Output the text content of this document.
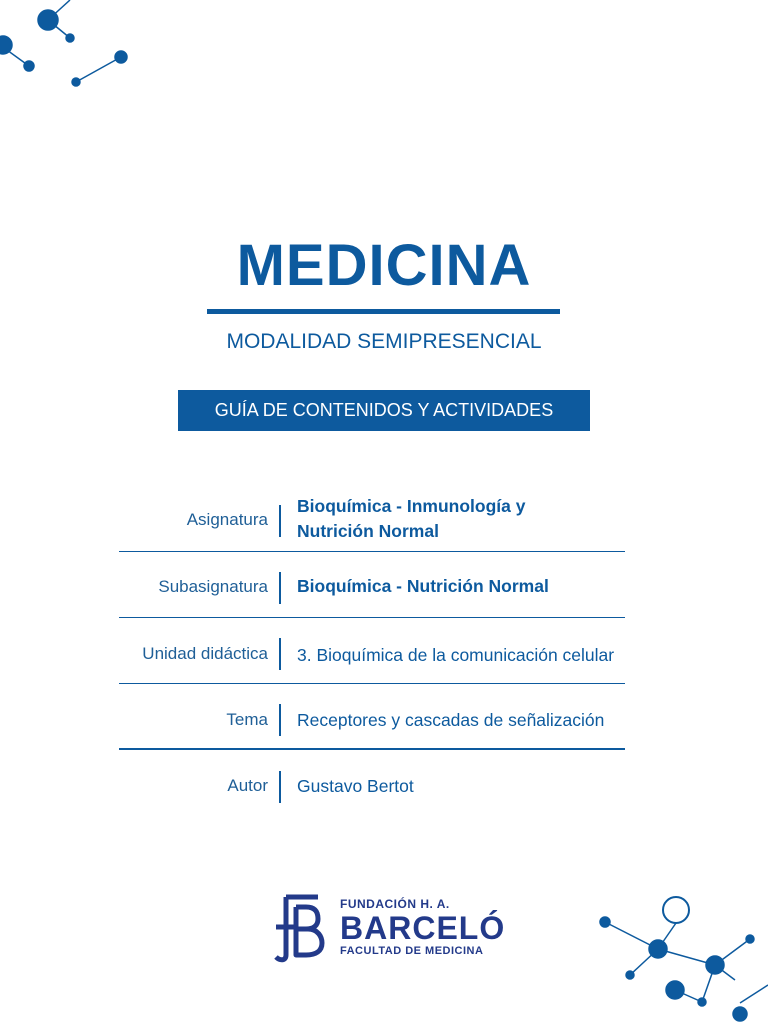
MEDICINA
MODALIDAD SEMIPRESENCIAL
GUÍA DE CONTENIDOS Y ACTIVIDADES
Asignatura
Bioquímica - Inmunología y
Nutrición Normal
Subasignatura Bioquímica - Nutrición Normal
Unidad didáctica 3. Bioquímica de la comunicación celular
Tema Receptores y cascadas de señalización
Autor Gustavo Bertot
FUNDACIÓN H. A.
BARCELÓ
FACULTAD DE MEDICINA
